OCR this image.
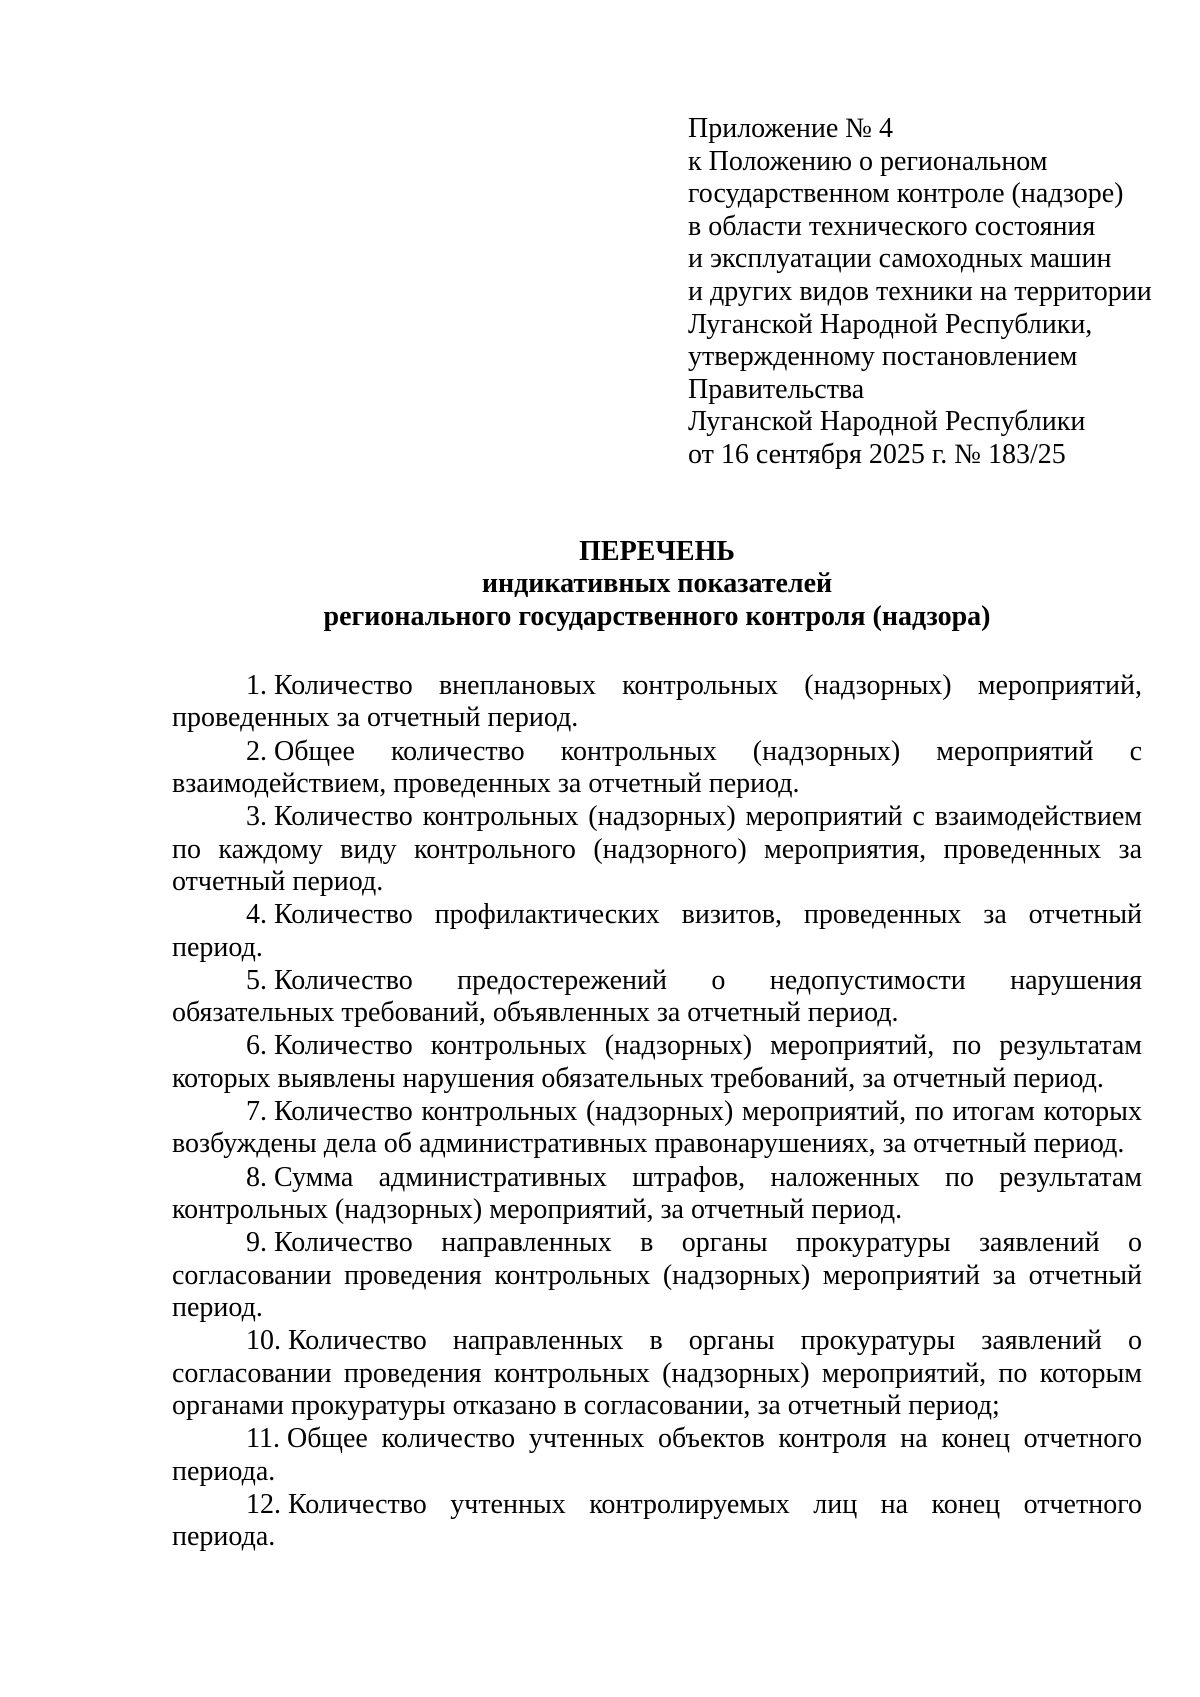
Приложение № 4
к Положению о региональном
государственном контроле (надзоре)
в области технического состояния
и эксплуатации самоходных машин
и других видов техники на территории
Луганской Народной Республики,
утвержденному постановлением
Правительства
Луганской Народной Республики
от 16 сентября 2025 г. № 183/25
ПЕРЕЧЕНЬ
индикативных показателей
регионального государственного контроля (надзора)

1. Количество внеплановых контрольных (надзорных) мероприятий, проведенных за отчетный период.

2. Общее количество контрольных (надзорных) мероприятий с взаимодействием, проведенных за отчетный период.

3. Количество контрольных (надзорных) мероприятий с взаимодействием по каждому виду контрольного (надзорного) мероприятия, проведенных за отчетный период.

4. Количество профилактических визитов, проведенных за отчетный период.

5. Количество предостережений о недопустимости нарушения обязательных требований, объявленных за отчетный период.

6. Количество контрольных (надзорных) мероприятий, по результатам которых выявлены нарушения обязательных требований, за отчетный период.

7. Количество контрольных (надзорных) мероприятий, по итогам которых возбуждены дела об административных правонарушениях, за отчетный период.

8. Сумма административных штрафов, наложенных по результатам контрольных (надзорных) мероприятий, за отчетный период.

9. Количество направленных в органы прокуратуры заявлений о согласовании проведения контрольных (надзорных) мероприятий за отчетный период.

10. Количество направленных в органы прокуратуры заявлений о согласовании проведения контрольных (надзорных) мероприятий, по которым органами прокуратуры отказано в согласовании, за отчетный период;

11. Общее количество учтенных объектов контроля на конец отчетного периода.

12. Количество учтенных контролируемых лиц на конец отчетного периода.
